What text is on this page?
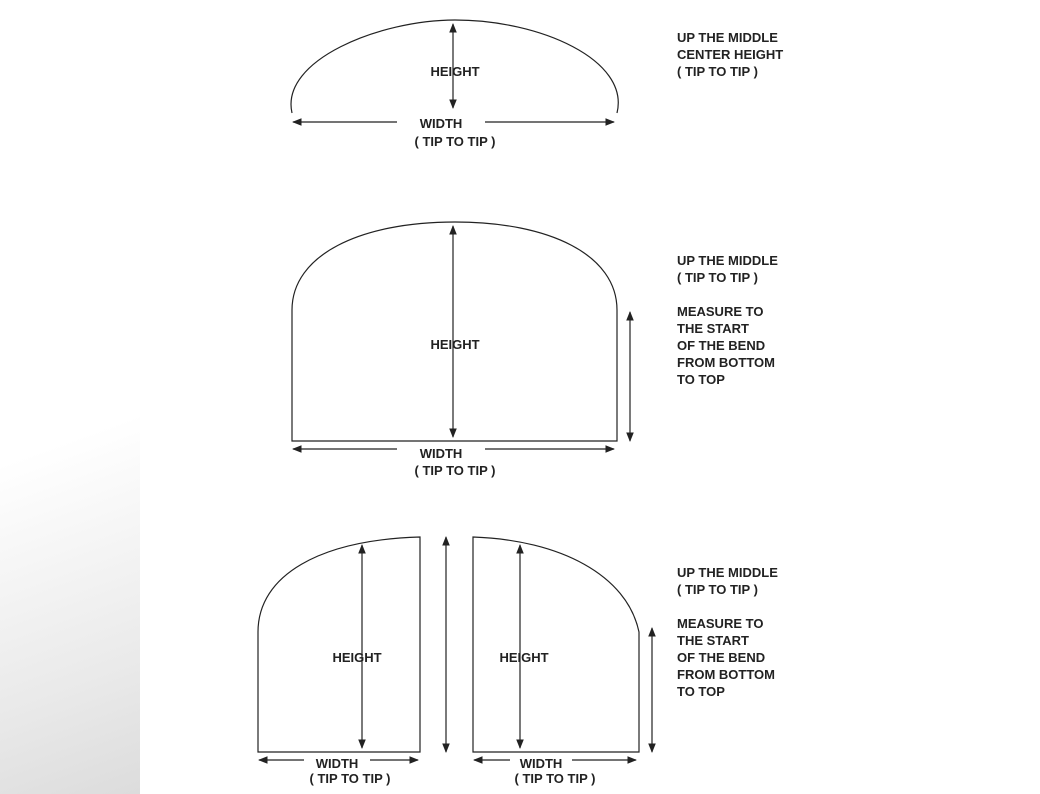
HEIGHT
WIDTH
( TIP TO TIP )
UP THE MIDDLE
CENTER HEIGHT
( TIP TO TIP )
HEIGHT
WIDTH
( TIP TO TIP )
UP THE MIDDLE
( TIP TO TIP )
MEASURE TO
THE START
OF THE BEND
FROM BOTTOM
TO TOP
HEIGHT
WIDTH
( TIP TO TIP )
HEIGHT
WIDTH
( TIP TO TIP )
UP THE MIDDLE
( TIP TO TIP )
MEASURE TO
THE START
OF THE BEND
FROM BOTTOM
TO TOP
